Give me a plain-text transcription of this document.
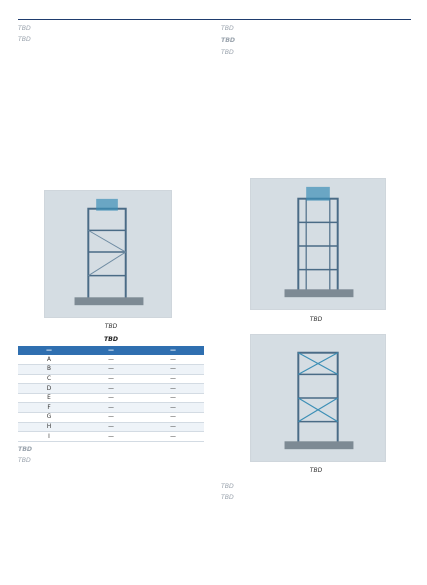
TBD

TBD

TBD

TBD

TBD

TBD
TBD
TBD
—	—	—
A	—	—
B	—	—
C	—	—
D	—	—
E	—	—
F	—	—
G	—	—
H	—	—
I	—	—
TBD
TBD

TBD

TBD

TBD
